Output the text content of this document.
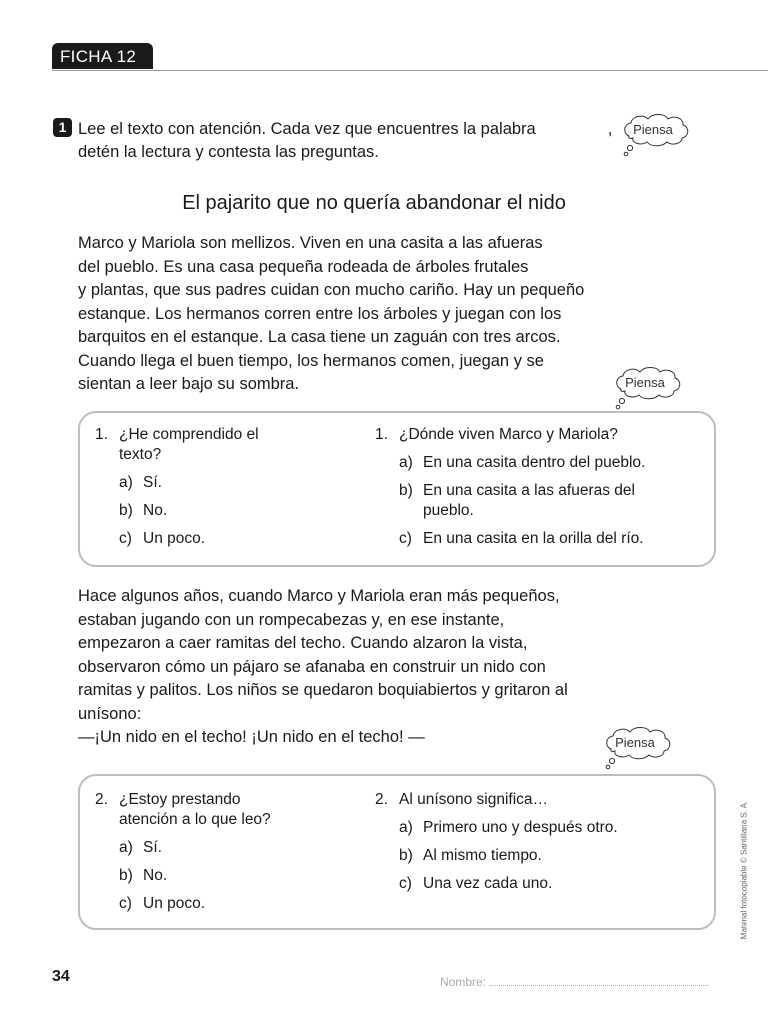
FICHA 12
1 Lee el texto con atención. Cada vez que encuentres la palabra	,
detén la lectura y contesta las preguntas.
Piensa
Piensa
Piensa
El pajarito que no quería abandonar el nido
Marco y Mariola son mellizos. Viven en una casita a las afueras
del pueblo. Es una casa pequeña rodeada de árboles frutales
y plantas, que sus padres cuidan con mucho cariño. Hay un pequeño
estanque. Los hermanos corren entre los árboles y juegan con los
barquitos en el estanque. La casa tiene un zaguán con tres arcos.
Cuando llega el buen tiempo, los hermanos comen, juegan y se
sientan a leer bajo su sombra.
1. ¿He comprendido el
texto?
a) Sí.
b) No.
c) Un poco.
1. ¿Dónde viven Marco y Mariola?
a) En una casita dentro del pueblo.
b) En una casita a las afueras del pueblo.
c) En una casita en la orilla del río.
Hace algunos años, cuando Marco y Mariola eran más pequeños,
estaban jugando con un rompecabezas y, en ese instante,
empezaron a caer ramitas del techo. Cuando alzaron la vista,
observaron cómo un pájaro se afanaba en construir un nido con
ramitas y palitos. Los niños se quedaron boquiabiertos y gritaron al
unísono:
—¡Un nido en el techo! ¡Un nido en el techo! —
2. ¿Estoy prestando
atención a lo que leo?
a) Sí.
b) No.
c) Un poco.
2. Al unísono significa…
a) Primero uno y después otro.
b) Al mismo tiempo.
c) Una vez cada uno.	Material fotocopiable © Santillana S. A.
34	Nombre:
